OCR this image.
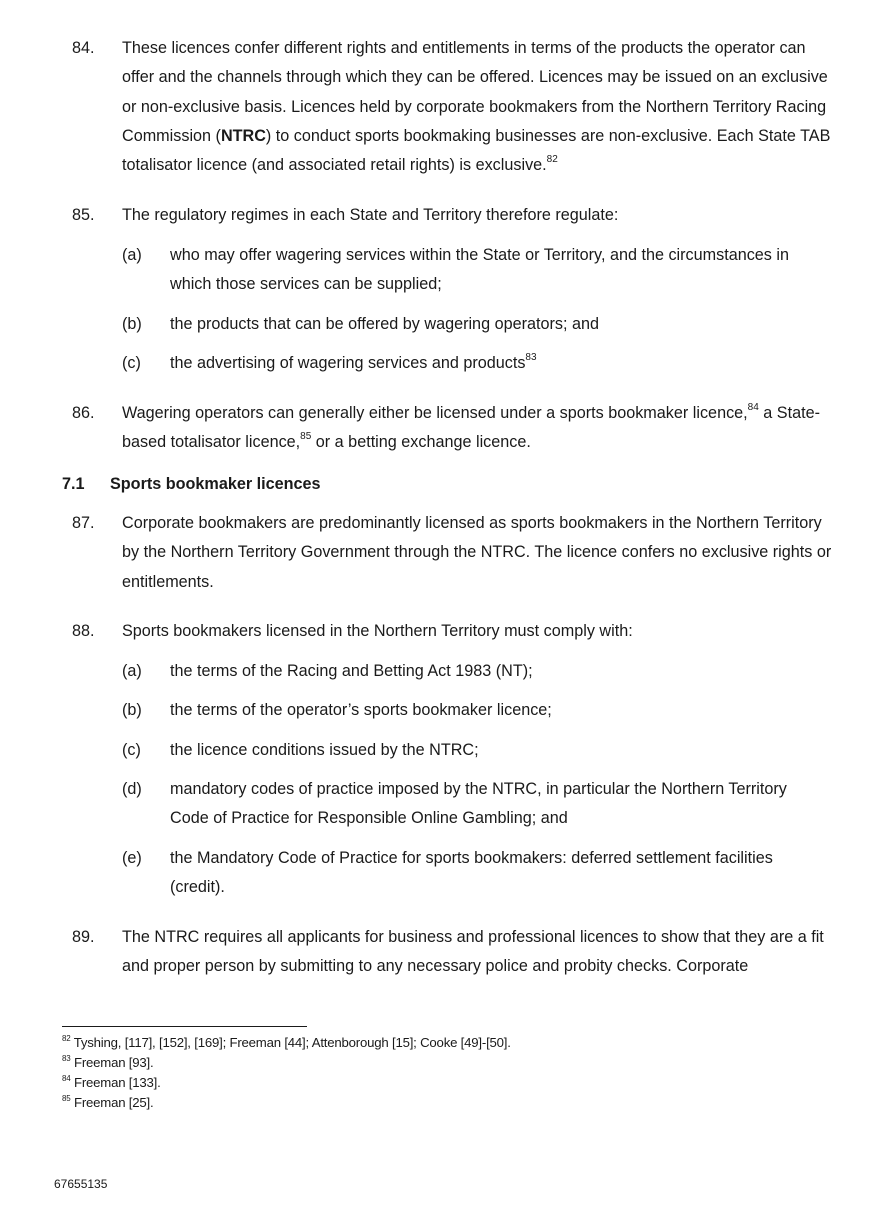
84. These licences confer different rights and entitlements in terms of the products the operator can offer and the channels through which they can be offered. Licences may be issued on an exclusive or non-exclusive basis. Licences held by corporate bookmakers from the Northern Territory Racing Commission (NTRC) to conduct sports bookmaking businesses are non-exclusive. Each State TAB totalisator licence (and associated retail rights) is exclusive.$^{82}$
85. The regulatory regimes in each State and Territory therefore regulate:
(a) who may offer wagering services within the State or Territory, and the circumstances in which those services can be supplied;
(b) the products that can be offered by wagering operators; and
(c) the advertising of wagering services and products$^{83}$
86. Wagering operators can generally either be licensed under a sports bookmaker licence,$^{84}$ a State-based totalisator licence,$^{85}$ or a betting exchange licence.
7.1 Sports bookmaker licences
87. Corporate bookmakers are predominantly licensed as sports bookmakers in the Northern Territory by the Northern Territory Government through the NTRC. The licence confers no exclusive rights or entitlements.
88. Sports bookmakers licensed in the Northern Territory must comply with:
(a) the terms of the Racing and Betting Act 1983 (NT);
(b) the terms of the operator’s sports bookmaker licence;
(c) the licence conditions issued by the NTRC;
(d) mandatory codes of practice imposed by the NTRC, in particular the Northern Territory Code of Practice for Responsible Online Gambling; and
(e) the Mandatory Code of Practice for sports bookmakers: deferred settlement facilities (credit).
89. The NTRC requires all applicants for business and professional licences to show that they are a fit and proper person by submitting to any necessary police and probity checks. Corporate
$^{82}$ Tyshing, [117], [152], [169]; Freeman [44]; Attenborough [15]; Cooke [49]-[50].
$^{83}$ Freeman [93].
$^{84}$ Freeman [133].
$^{85}$ Freeman [25].
67655135
